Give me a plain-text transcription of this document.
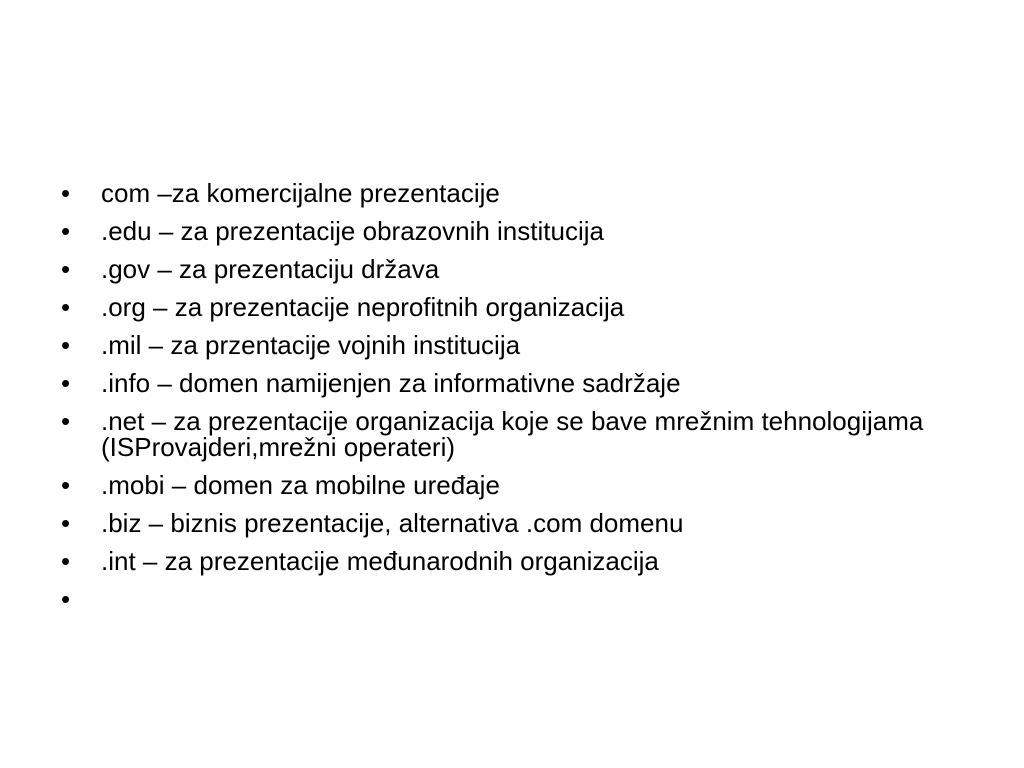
• com –za komercijalne prezentacije
• .edu – za prezentacije obrazovnih institucija
• .gov – za prezentaciju država
• .org – za prezentacije neprofitnih organizacija
• .mil – za przentacije vojnih institucija
• .info – domen namijenjen za informativne sadržaje
• .net – za prezentacije organizacija koje se bave mrežnim tehnologijama (ISProvajderi,mrežni operateri)
• .mobi – domen za mobilne uređaje
• .biz – biznis prezentacije, alternativa .com domenu
• .int – za prezentacije međunarodnih organizacija
•
